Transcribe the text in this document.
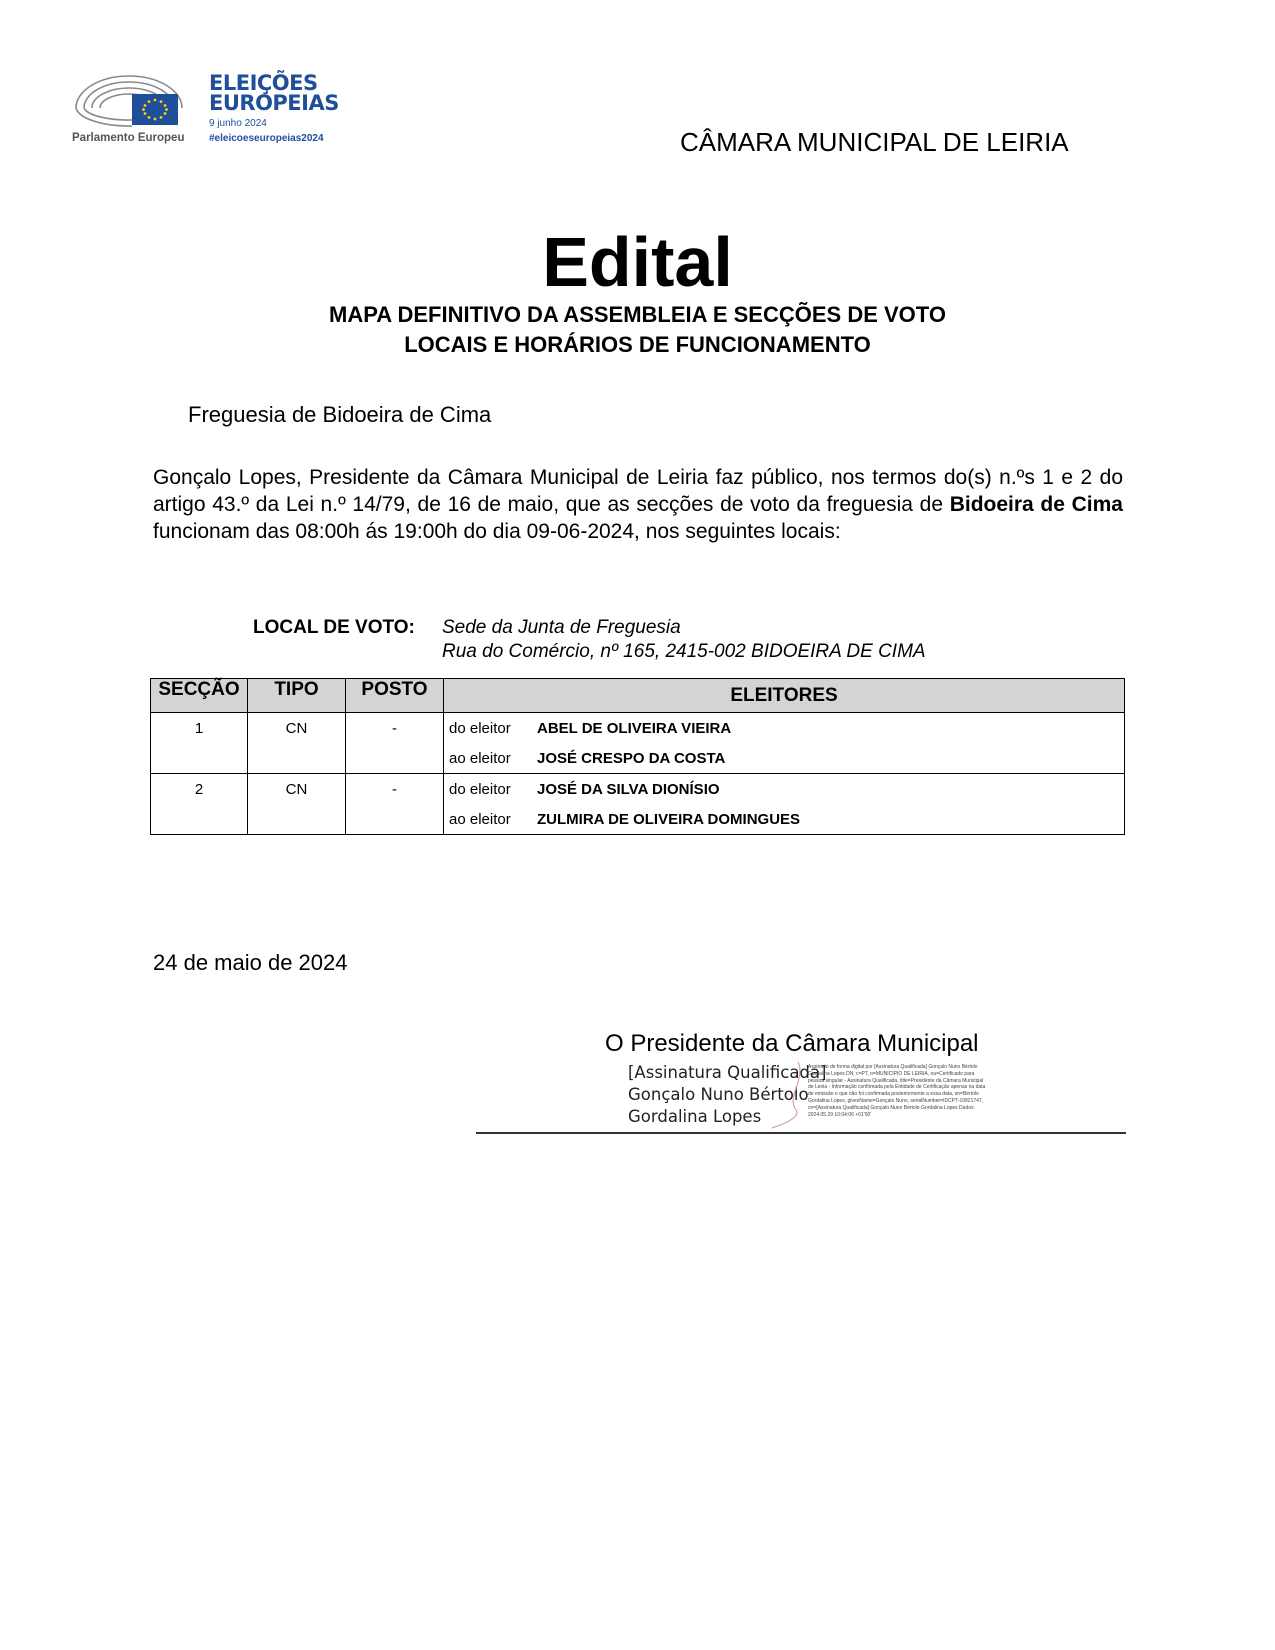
Parlamento Europeu
ELEIÇÕES
EUROPEIAS
9 junho 2024
#eleicoeseuropeias2024	CÂMARA MUNICIPAL DE LEIRIA
Edital
MAPA DEFINITIVO DA ASSEMBLEIA E SECÇÕES DE VOTO
LOCAIS E HORÁRIOS DE FUNCIONAMENTO
Freguesia de Bidoeira de Cima
Gonçalo Lopes, Presidente da Câmara Municipal de Leiria faz público, nos termos do(s) n.ºs 1 e 2 do artigo 43.º da Lei n.º 14/79, de 16 de maio, que as secções de voto da freguesia de Bidoeira de Cima funcionam das 08:00h ás 19:00h do dia 09-06-2024, nos seguintes locais:
LOCAL DE VOTO: Sede da Junta de Freguesia
Rua do Comércio, nº 165, 2415-002 BIDOEIRA DE CIMA
SECÇÃO	TIPO	POSTO	ELEITORES
1	CN	-	do eleitor ABEL DE OLIVEIRA VIEIRA
			ao eleitor JOSÉ CRESPO DA COSTA
2	CN	-	do eleitor JOSÉ DA SILVA DIONÍSIO
			ao eleitor ZULMIRA DE OLIVEIRA DOMINGUES
24 de maio de 2024
O Presidente da Câmara Municipal
[Assinatura Qualificada]
Gonçalo Nuno Bértolo
Gordalina Lopes
Assinado de forma digital por [Assinatura Qualificada] Gonçalo Nuno Bértolo Gordalina Lopes DN: c=PT, o=MUNICIPIO DE LEIRIA, ou=Certificado para pessoa singular - Assinatura Qualificada, title=Presidente da Câmara Municipal de Leiria - Informação confirmada pela Entidade de Certificação apenas na data de emissão e que não foi confirmada posteriormente a essa data, sn=Bértolo Gordalina Lopes, givenName=Gonçalo Nuno, serialNumber=IDCPT-10821747, cn=[Assinatura Qualificada] Gonçalo Nuno Bértolo Gordalina Lopes Dados: 2024.05.29 10:04:06 +01'00'
